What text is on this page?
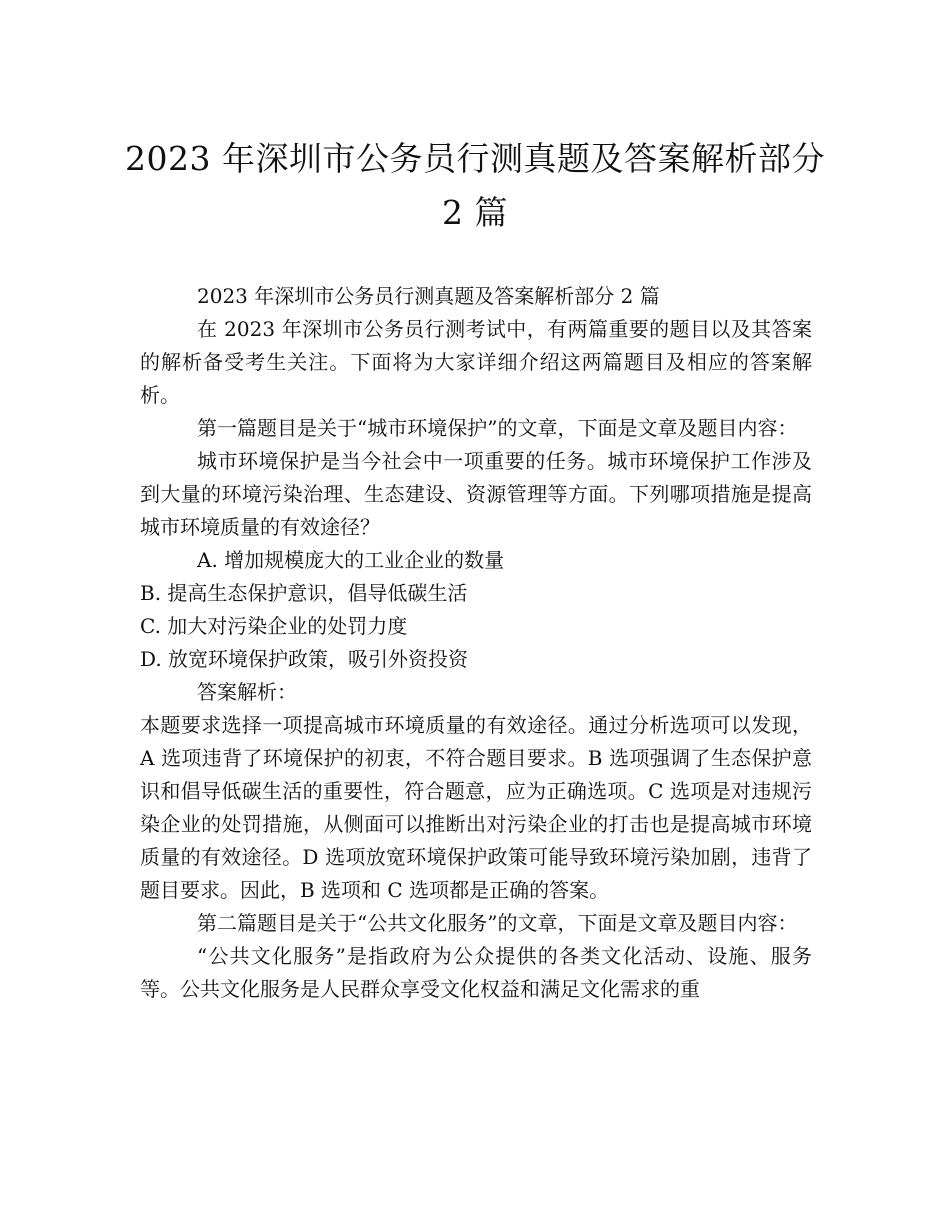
2023 年深圳市公务员行测真题及答案解析部分 2 篇

2023 年深圳市公务员行测真题及答案解析部分 2 篇

在 2023 年深圳市公务员行测考试中，有两篇重要的题目以及其答案的解析备受考生关注。下面将为大家详细介绍这两篇题目及相应的答案解析。

第一篇题目是关于“城市环境保护”的文章，下面是文章及题目内容：

城市环境保护是当今社会中一项重要的任务。城市环境保护工作涉及到大量的环境污染治理、生态建设、资源管理等方面。下列哪项措施是提高城市环境质量的有效途径？

A. 增加规模庞大的工业企业的数量

B. 提高生态保护意识，倡导低碳生活

C. 加大对污染企业的处罚力度

D. 放宽环境保护政策，吸引外资投资

答案解析：

本题要求选择一项提高城市环境质量的有效途径。通过分析选项可以发现，A 选项违背了环境保护的初衷，不符合题目要求。B 选项强调了生态保护意识和倡导低碳生活的重要性，符合题意，应为正确选项。C 选项是对违规污染企业的处罚措施，从侧面可以推断出对污染企业的打击也是提高城市环境质量的有效途径。D 选项放宽环境保护政策可能导致环境污染加剧，违背了题目要求。因此，B 选项和 C 选项都是正确的答案。

第二篇题目是关于“公共文化服务”的文章，下面是文章及题目内容：

“公共文化服务”是指政府为公众提供的各类文化活动、设施、服务等。公共文化服务是人民群众享受文化权益和满足文化需求的重
